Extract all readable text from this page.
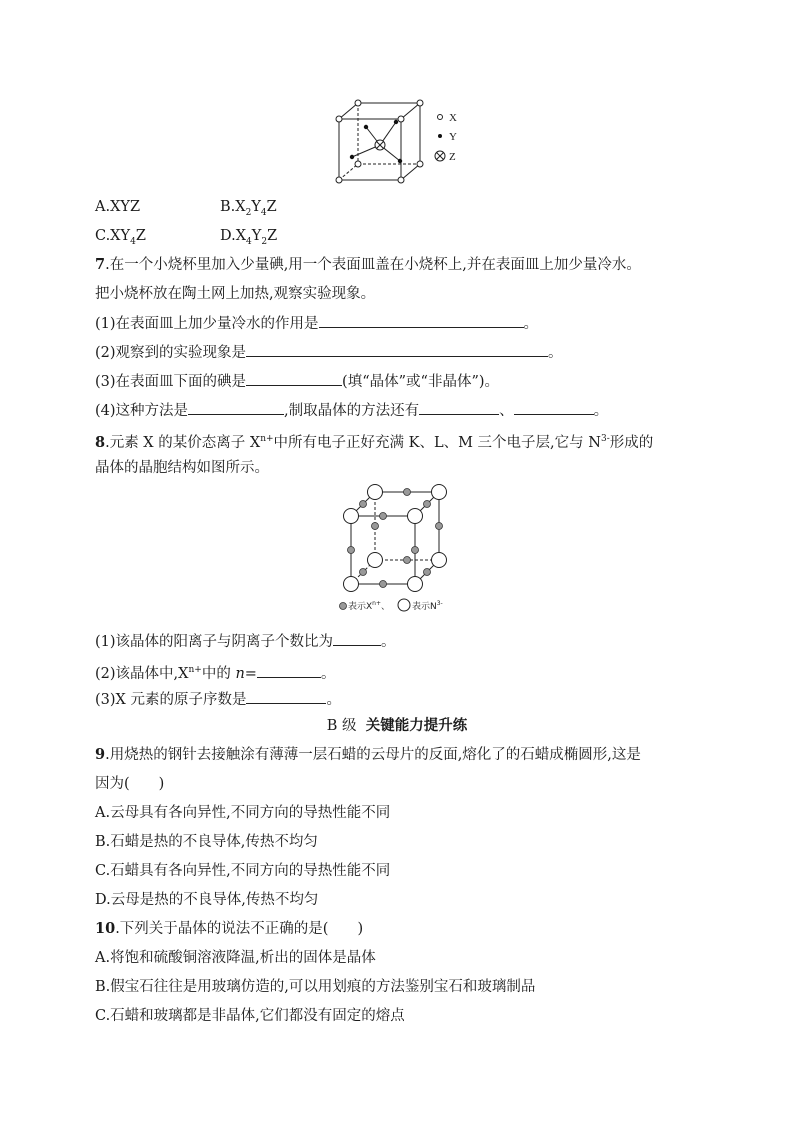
X
Y
Z
A.XYZ	$B.X_2Y_4Z$
$C.XY_4Z$	$D.X_4Y_2Z$
7.在一个小烧杯里加入少量碘,用一个表面皿盖在小烧杯上,并在表面皿上加少量冷水。
把小烧杯放在陶土网上加热,观察实验现象。
(1)在表面皿上加少量冷水的作用是	。
(2)观察到的实验现象是	。
(3)在表面皿下面的碘是	(填“晶体”或“非晶体”)。
(4)这种方法是	,制取晶体的方法还有	、	。
8.元素 X 的某价态离子 $X^{n+}$中所有电子正好充满 K、L、M 三个电子层,它与 $N^{3-}$形成的
晶体的晶胞结构如图所示。
表示$X^{n+}$、 表示$N^{3-}$
(1)该晶体的阳离子与阴离子个数比为	。
(2)该晶体中$,X^{n+}$中的 n=	。
(3)X 元素的原子序数是	。
B 级 关键能力提升练
9.用烧热的钢针去接触涂有薄薄一层石蜡的云母片的反面,熔化了的石蜡成椭圆形,这是
因为(　　)
A.云母具有各向异性,不同方向的导热性能不同
B.石蜡是热的不良导体,传热不均匀
C.石蜡具有各向异性,不同方向的导热性能不同
D.云母是热的不良导体,传热不均匀
10.下列关于晶体的说法不正确的是(　　)
A.将饱和硫酸铜溶液降温,析出的固体是晶体
B.假宝石往往是用玻璃仿造的,可以用划痕的方法鉴别宝石和玻璃制品
C.石蜡和玻璃都是非晶体,它们都没有固定的熔点
